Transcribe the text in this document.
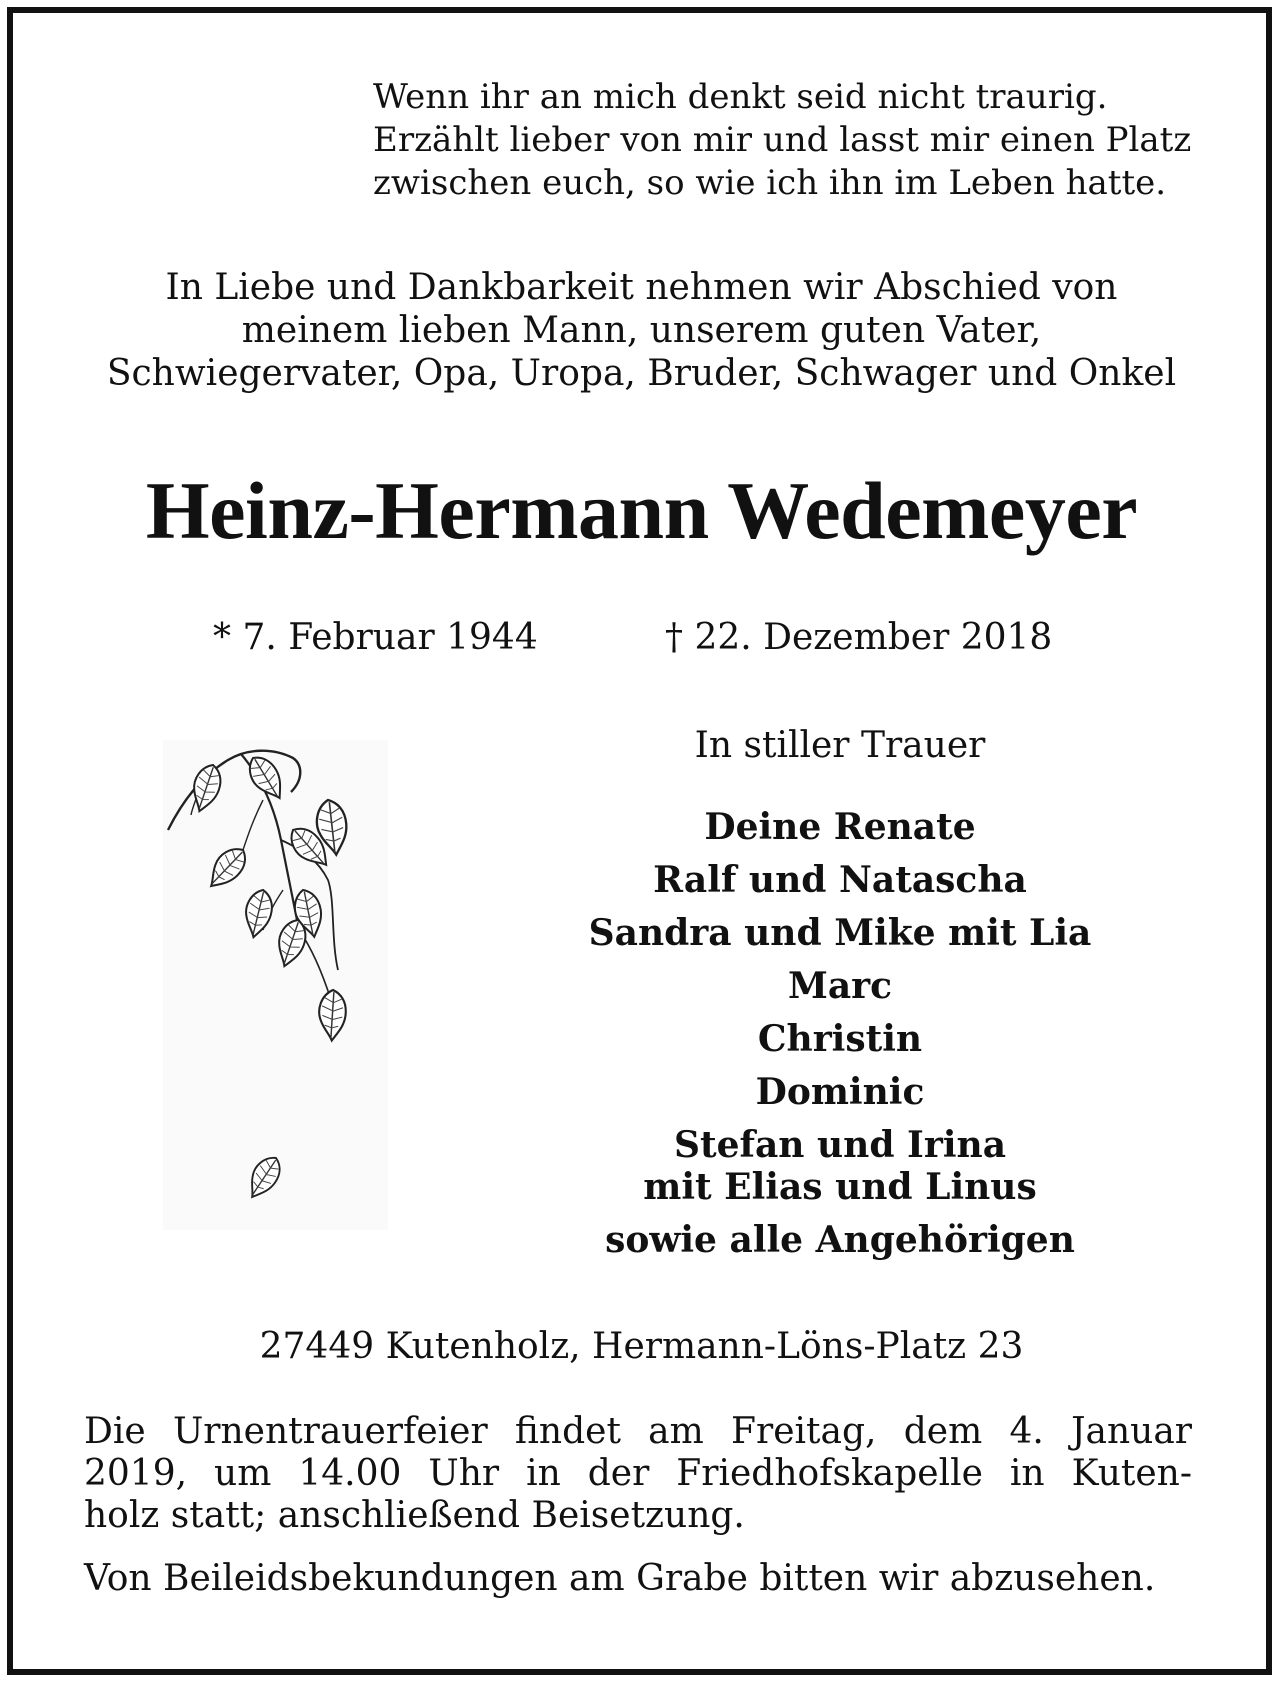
Wenn ihr an mich denkt seid nicht traurig.
Erzählt lieber von mir und lasst mir einen Platz
zwischen euch, so wie ich ihn im Leben hatte.
In Liebe und Dankbarkeit nehmen wir Abschied von
meinem lieben Mann, unserem guten Vater,
Schwiegervater, Opa, Uropa, Bruder, Schwager und Onkel
Heinz-Hermann Wedemeyer
* 7. Februar 1944	† 22. Dezember 2018
In stiller Trauer
Deine Renate
Ralf und Natascha
Sandra und Mike mit Lia
Marc
Christin
Dominic
Stefan und Irina
mit Elias und Linus
sowie alle Angehörigen
27449 Kutenholz, Hermann-Löns-Platz 23
Die Urnentrauerfeier findet am Freitag, dem 4. Januar
2019, um 14.00 Uhr in der Friedhofskapelle in Kuten-
holz statt; anschließend Beisetzung.
Von Beileidsbekundungen am Grabe bitten wir abzusehen.
